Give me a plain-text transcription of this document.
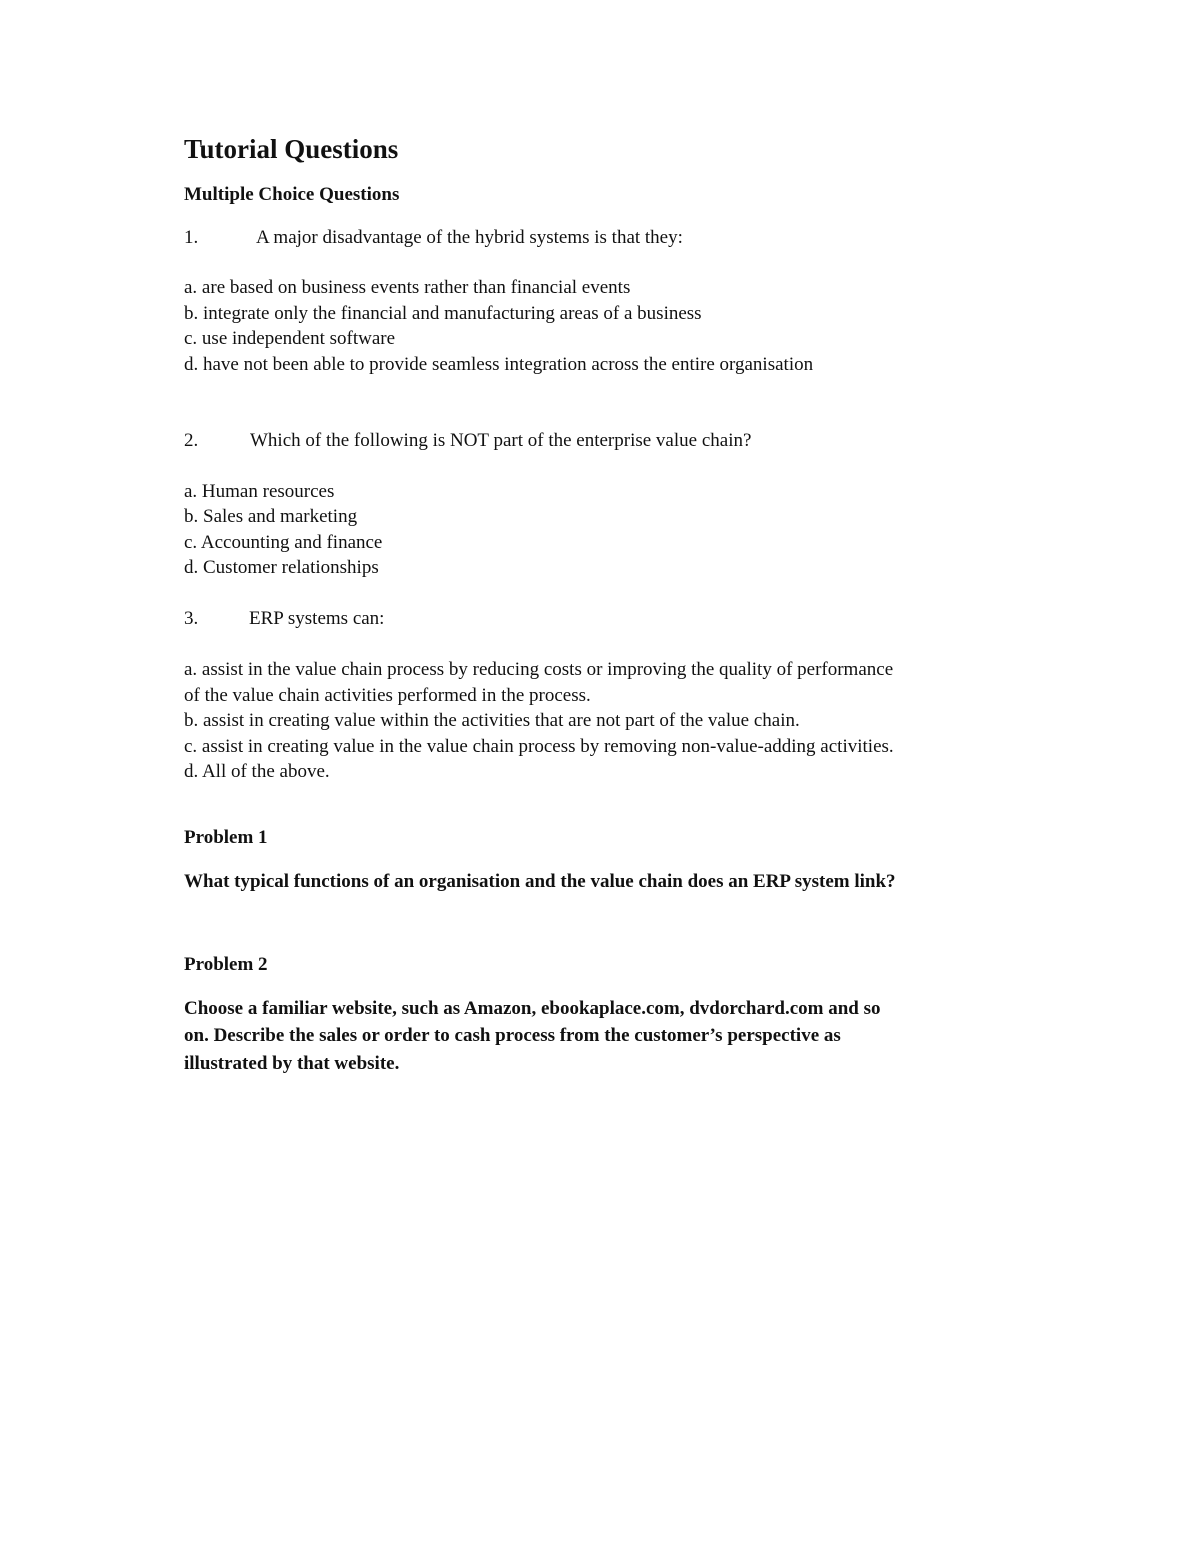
Tutorial Questions
Multiple Choice Questions
1.	A major disadvantage of the hybrid systems is that they:
a. are based on business events rather than financial events
b. integrate only the financial and manufacturing areas of a business
c. use independent software
d. have not been able to provide seamless integration across the entire organisation
2.	Which of the following is NOT part of the enterprise value chain?
a. Human resources
b. Sales and marketing
c. Accounting and finance
d. Customer relationships
3.	ERP systems can:
a. assist in the value chain process by reducing costs or improving the quality of performance
of the value chain activities performed in the process.
b. assist in creating value within the activities that are not part of the value chain.
c. assist in creating value in the value chain process by removing non-value-adding activities.
d. All of the above.
Problem 1
What typical functions of an organisation and the value chain does an ERP system link?
Problem 2
Choose a familiar website, such as Amazon, ebookaplace.com, dvdorchard.com and so
on. Describe the sales or order to cash process from the customer’s perspective as
illustrated by that website.
